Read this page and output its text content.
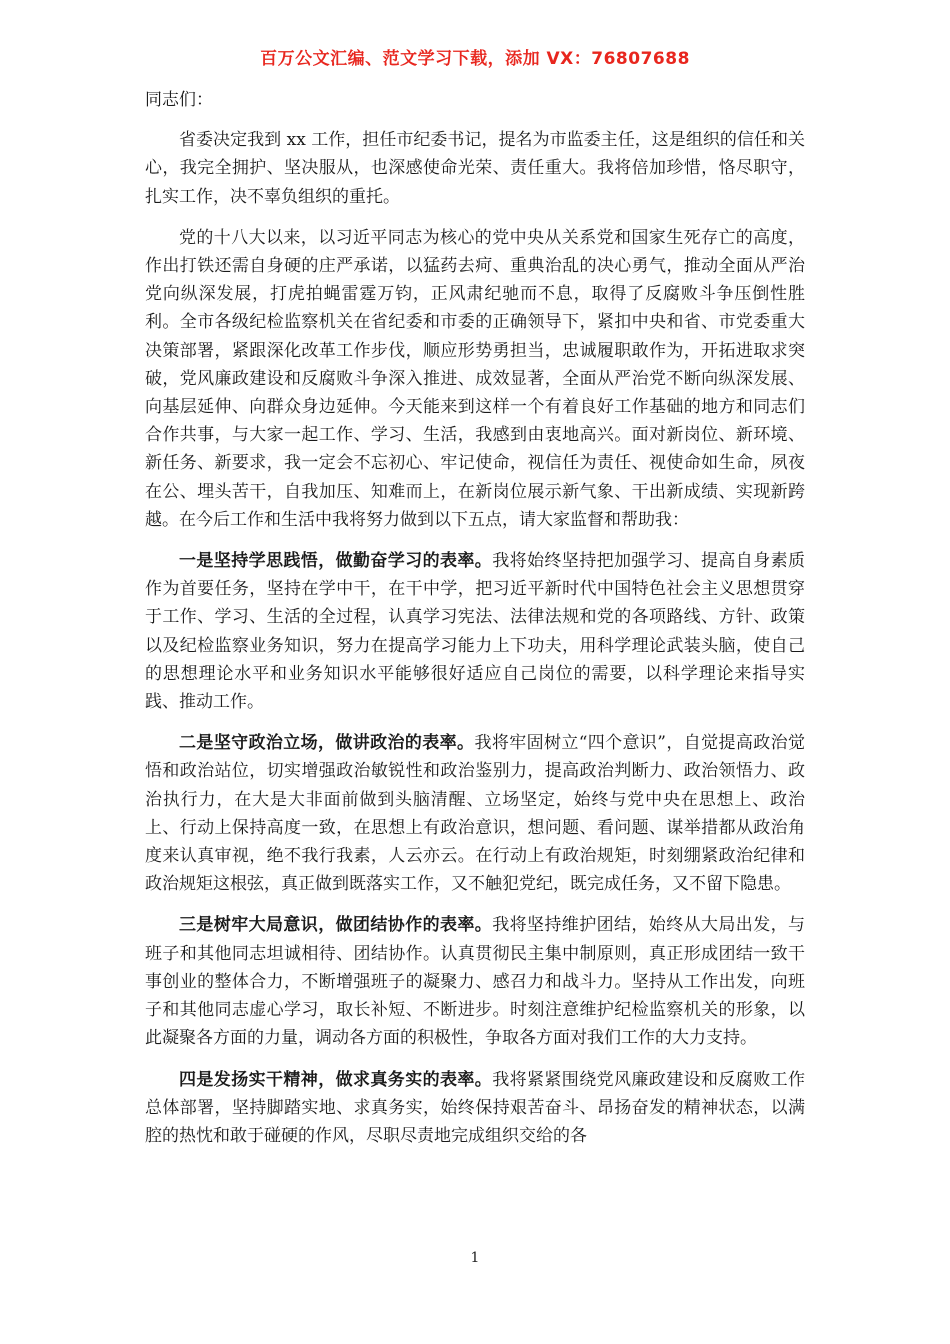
百万公文汇编、范文学习下载，添加 VX：76807688

同志们：

省委决定我到 xx 工作，担任市纪委书记，提名为市监委主任，这是组织的信任和关心，我完全拥护、坚决服从，也深感使命光荣、责任重大。我将倍加珍惜，恪尽职守，扎实工作，决不辜负组织的重托。

党的十八大以来，以习近平同志为核心的党中央从关系党和国家生死存亡的高度，作出打铁还需自身硬的庄严承诺，以猛药去疴、重典治乱的决心勇气，推动全面从严治党向纵深发展，打虎拍蝇雷霆万钧，正风肃纪驰而不息，取得了反腐败斗争压倒性胜利。全市各级纪检监察机关在省纪委和市委的正确领导下，紧扣中央和省、市党委重大决策部署，紧跟深化改革工作步伐，顺应形势勇担当，忠诚履职敢作为，开拓进取求突破，党风廉政建设和反腐败斗争深入推进、成效显著，全面从严治党不断向纵深发展、向基层延伸、向群众身边延伸。今天能来到这样一个有着良好工作基础的地方和同志们合作共事，与大家一起工作、学习、生活，我感到由衷地高兴。面对新岗位、新环境、新任务、新要求，我一定会不忘初心、牢记使命，视信任为责任、视使命如生命，夙夜在公、埋头苦干，自我加压、知难而上，在新岗位展示新气象、干出新成绩、实现新跨越。在今后工作和生活中我将努力做到以下五点，请大家监督和帮助我：

一是坚持学思践悟，做勤奋学习的表率。我将始终坚持把加强学习、提高自身素质作为首要任务，坚持在学中干，在干中学，把习近平新时代中国特色社会主义思想贯穿于工作、学习、生活的全过程，认真学习宪法、法律法规和党的各项路线、方针、政策以及纪检监察业务知识，努力在提高学习能力上下功夫，用科学理论武装头脑，使自己的思想理论水平和业务知识水平能够很好适应自己岗位的需要，以科学理论来指导实践、推动工作。

二是坚守政治立场，做讲政治的表率。我将牢固树立“四个意识”，自觉提高政治觉悟和政治站位，切实增强政治敏锐性和政治鉴别力，提高政治判断力、政治领悟力、政治执行力，在大是大非面前做到头脑清醒、立场坚定，始终与党中央在思想上、政治上、行动上保持高度一致，在思想上有政治意识，想问题、看问题、谋举措都从政治角度来认真审视，绝不我行我素，人云亦云。在行动上有政治规矩，时刻绷紧政治纪律和政治规矩这根弦，真正做到既落实工作，又不触犯党纪，既完成任务，又不留下隐患。

三是树牢大局意识，做团结协作的表率。我将坚持维护团结，始终从大局出发，与班子和其他同志坦诚相待、团结协作。认真贯彻民主集中制原则，真正形成团结一致干事创业的整体合力，不断增强班子的凝聚力、感召力和战斗力。坚持从工作出发，向班子和其他同志虚心学习，取长补短、不断进步。时刻注意维护纪检监察机关的形象，以此凝聚各方面的力量，调动各方面的积极性，争取各方面对我们工作的大力支持。

四是发扬实干精神，做求真务实的表率。我将紧紧围绕党风廉政建设和反腐败工作总体部署，坚持脚踏实地、求真务实，始终保持艰苦奋斗、昂扬奋发的精神状态，以满腔的热忱和敢于碰硬的作风，尽职尽责地完成组织交给的各

1
